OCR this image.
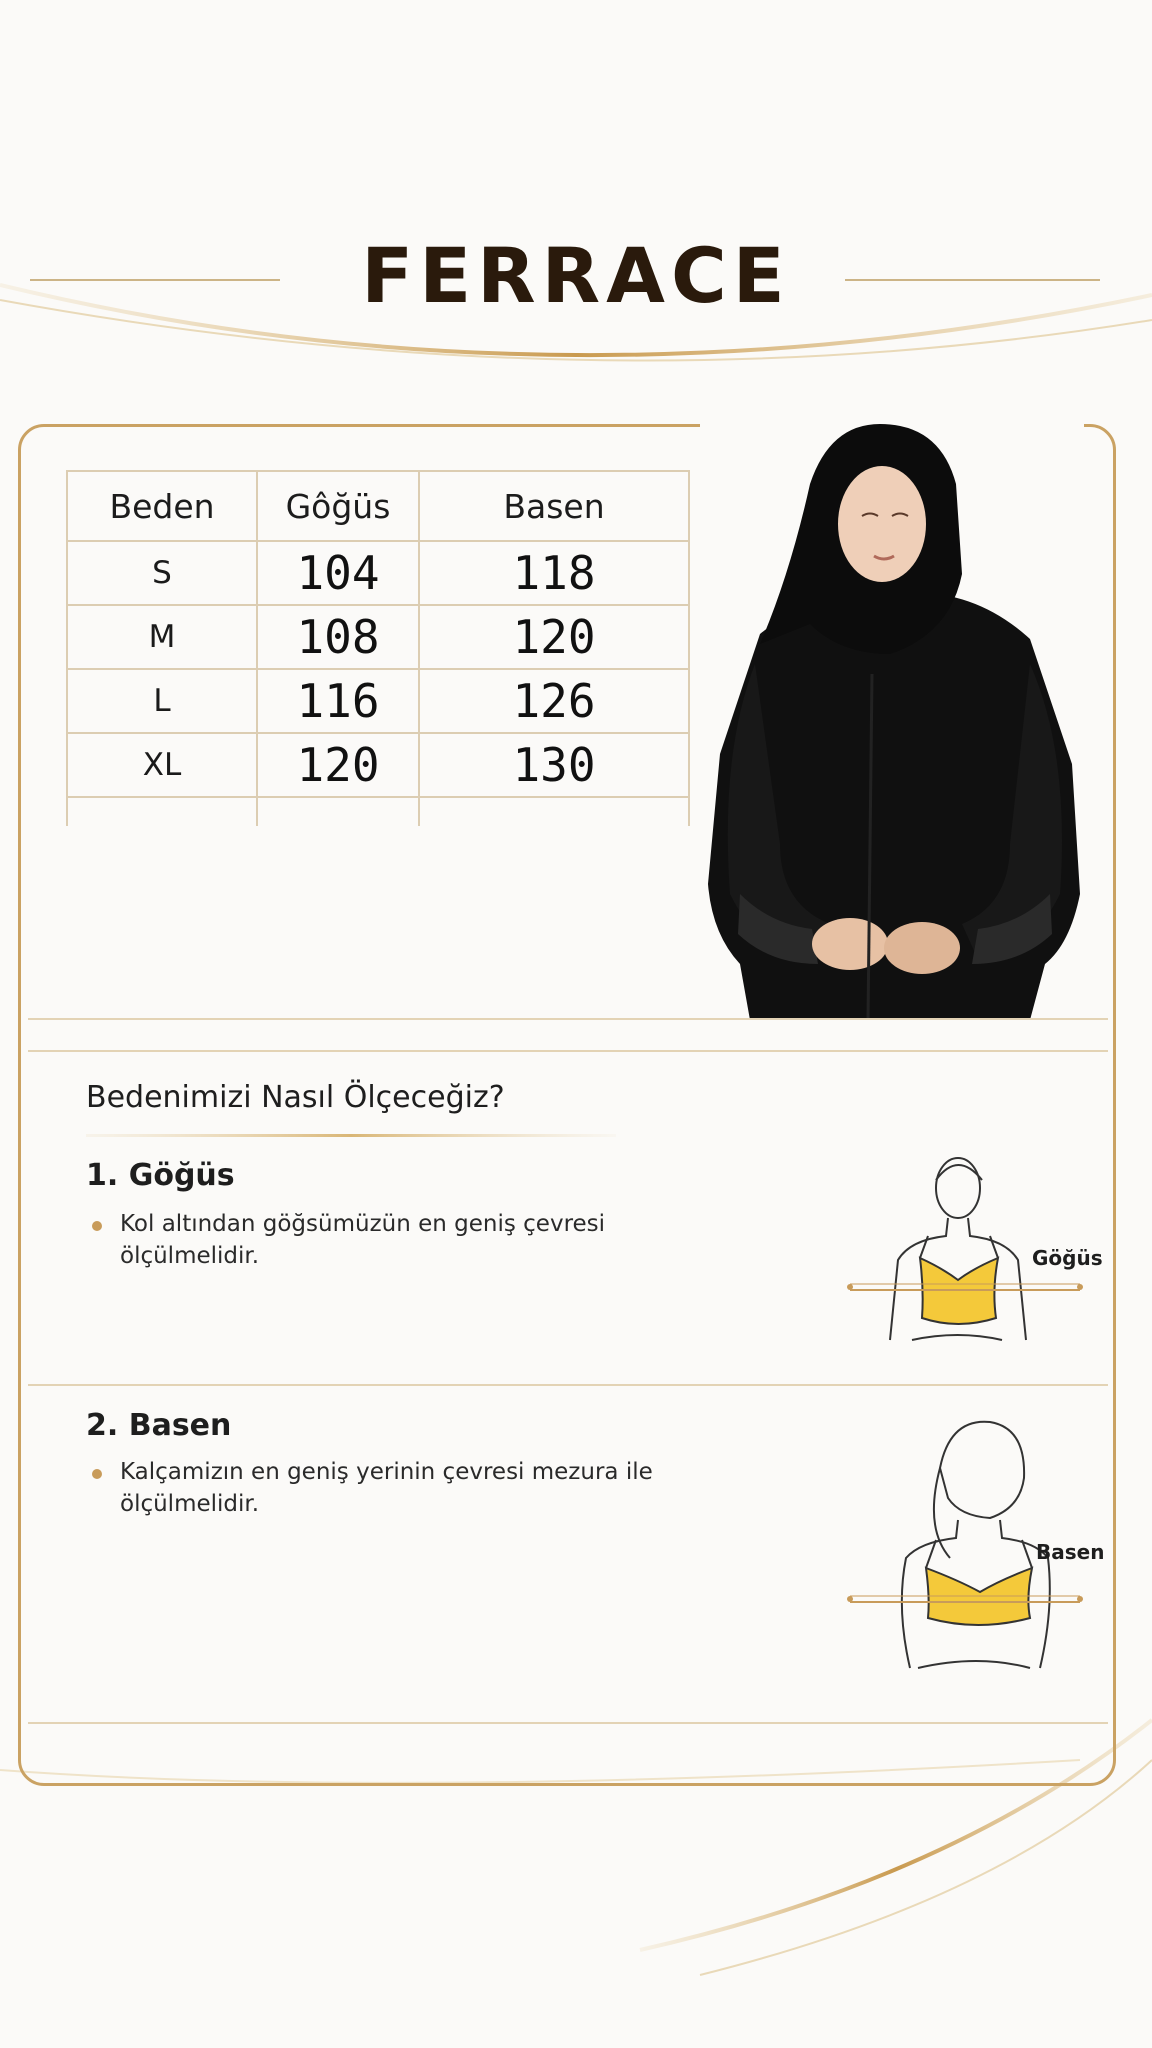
FERRACE
Beden	Gôğüs	Basen
S	104	118
M	108	120
L	116	126
XL	120	130

Bedenimizi Nasıl Ölçeceğiz?
1. Göğüs
Kol altından göğsümüzün en geniş çevresi ölçülmelidir.	Göğüs
2. Basen
Kalçamizın en geniş yerinin çevresi mezura ile ölçülmelidir.
Basen
